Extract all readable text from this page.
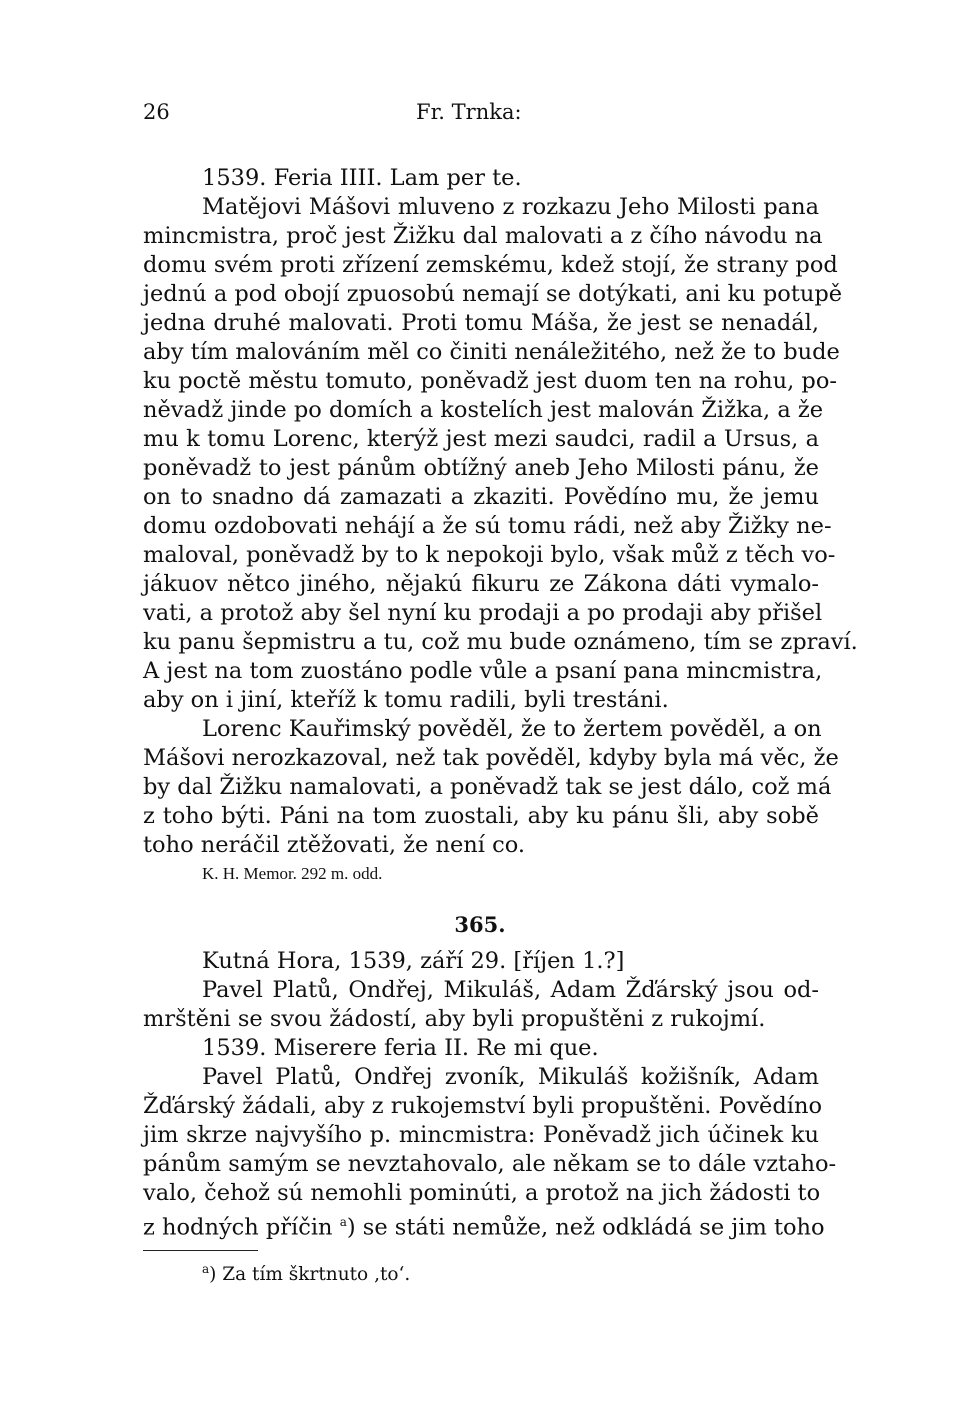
26	Fr. Trnka:
1539. Feria IIII. Lam per te.
Matějovi Mášovi mluveno z rozkazu Jeho Milosti pana
mincmistra, proč jest Žižku dal malovati a z čího návodu na
domu svém proti zřízení zemskému, kdež stojí, že strany pod
jednú a pod obojí zpuosobú nemají se dotýkati, ani ku potupě
jedna druhé malovati. Proti tomu Máša, že jest se nenadál,
aby tím malováním měl co činiti nenáležitého, než že to bude
ku poctě městu tomuto, poněvadž jest duom ten na rohu, po-
něvadž jinde po domích a kostelích jest malován Žižka, a že
mu k tomu Lorenc, kterýž jest mezi saudci, radil a Ursus, a
poněvadž to jest pánům obtížný aneb Jeho Milosti pánu, že
on to snadno dá zamazati a zkaziti. Povědíno mu, že jemu
domu ozdobovati nehájí a že sú tomu rádi, než aby Žižky ne-
maloval, poněvadž by to k nepokoji bylo, však můž z těch vo-
jákuov nětco jiného, nějakú fikuru ze Zákona dáti vymalo-
vati, a protož aby šel nyní ku prodaji a po prodaji aby přišel
ku panu šepmistru a tu, což mu bude oznámeno, tím se zpraví.
A jest na tom zuostáno podle vůle a psaní pana mincmistra,
aby on i jiní, kteříž k tomu radili, byli trestáni.
Lorenc Kauřimský pověděl, že to žertem pověděl, a on
Mášovi nerozkazoval, než tak pověděl, kdyby byla má věc, že
by dal Žižku namalovati, a poněvadž tak se jest dálo, což má
z toho býti. Páni na tom zuostali, aby ku pánu šli, aby sobě
toho neráčil ztěžovati, že není co.
K. H. Memor. 292 m. odd.
365.
Kutná Hora, 1539, září 29. [říjen 1.?]
Pavel Platů, Ondřej, Mikuláš, Adam Žďárský jsou od-
mrštěni se svou žádostí, aby byli propuštěni z rukojmí.
1539. Miserere feria II. Re mi que.
Pavel Platů, Ondřej zvoník, Mikuláš kožišník, Adam
Žďárský žádali, aby z rukojemství byli propuštěni. Povědíno
jim skrze najvyšího p. mincmistra: Poněvadž jich účinek ku
pánům samým se nevztahovalo, ale někam se to dále vztaho-
valo, čehož sú nemohli pominúti, a protož na jich žádosti to
z hodných příčin $^a$) se státi nemůže, než odkládá se jim toho
$^a$) Za tím škrtnuto ‚to‘.
